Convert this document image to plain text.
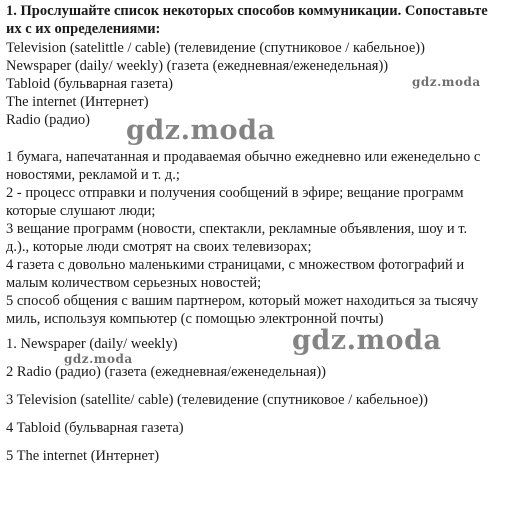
1. Прослушайте список некоторых способов коммуникации. Сопоставьте
их с их определениями:
Television (satelittle / cable) (телевидение (спутниковое / кабельное))
Newspaper (daily/ weekly) (газета (ежедневная/еженедельная))
Tabloid (бульварная газета)
The internet (Интернет)
Radio (радио)
1 бумага, напечатанная и продаваемая обычно ежедневно или еженедельно с
новостями, рекламой и т. д.;
2 - процесс отправки и получения сообщений в эфире; вещание программ
которые слушают люди;
3 вещание программ (новости, спектакли, рекламные объявления, шоу и т.
д.)., которые люди смотрят на своих телевизорах;
4 газета с довольно маленькими страницами, с множеством фотографий и
малым количеством серьезных новостей;
5 способ общения с вашим партнером, который может находиться за тысячу
миль, используя компьютер (с помощью электронной почты)
1. Newspaper (daily/ weekly)
2 Radio (радио) (газета (ежедневная/еженедельная))
3 Television (satellite/ cable) (телевидение (спутниковое / кабельное))
4 Tabloid (бульварная газета)
5 The internet (Интернет)
gdz.moda
gdz.moda
gdz.moda
gdz.moda
